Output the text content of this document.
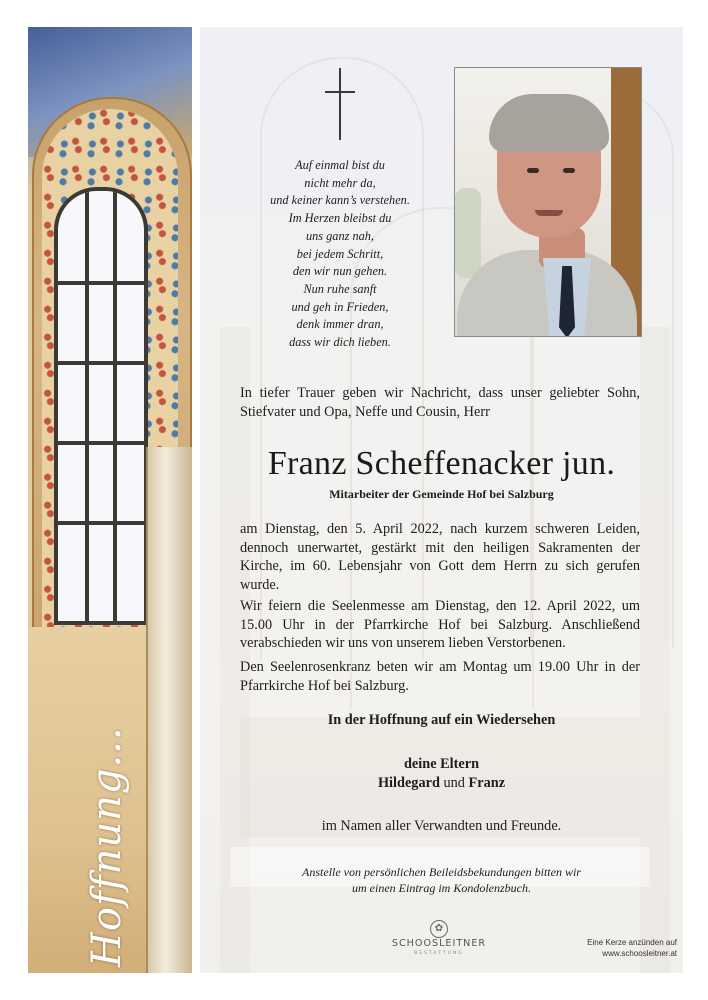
Hoffnung...
Auf einmal bist du
nicht mehr da,
und keiner kann’s verstehen.
Im Herzen bleibst du
uns ganz nah,
bei jedem Schritt,
den wir nun gehen.
Nun ruhe sanft
und geh in Frieden,
denk immer dran,
dass wir dich lieben.
In tiefer Trauer geben wir Nachricht, dass unser geliebter Sohn, Stiefvater und Opa, Neffe und Cousin, Herr
Franz Scheffenacker jun.
Mitarbeiter der Gemeinde Hof bei Salzburg
am Dienstag, den 5. April 2022, nach kurzem schweren Leiden, dennoch unerwartet, gestärkt mit den heiligen Sakramenten der Kirche, im 60. Lebensjahr von Gott dem Herrn zu sich gerufen wurde.
Wir feiern die Seelenmesse am Dienstag, den 12. April 2022, um 15.00 Uhr in der Pfarrkirche Hof bei Salzburg. Anschließend verabschieden wir uns von unserem lieben Verstorbenen.
Den Seelenrosenkranz beten wir am Montag um 19.00 Uhr in der Pfarrkirche Hof bei Salzburg.
In der Hoffnung auf ein Wiedersehen
deine Eltern
Hildegard und Franz
im Namen aller Verwandten und Freunde.
Anstelle von persönlichen Beileidsbekundungen bitten wir
um einen Eintrag im Kondolenzbuch.
✿
SCHOOSLEITNER
BESTATTUNG
Eine Kerze anzünden auf
www.schoosleitner.at
